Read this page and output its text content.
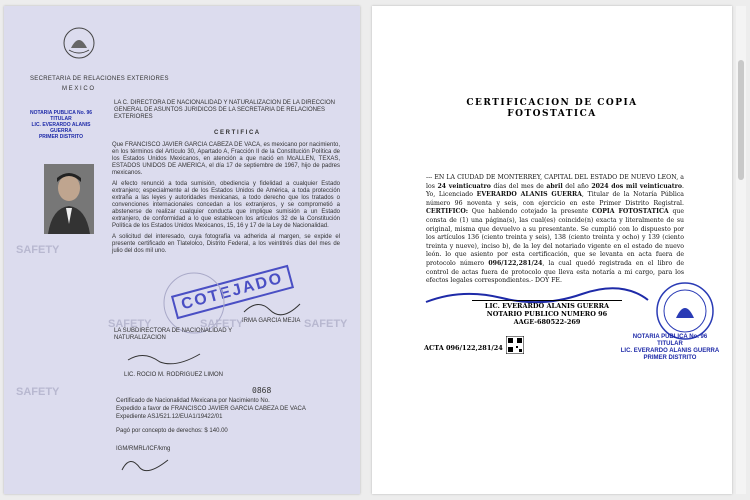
SECRETARIA DE RELACIONES EXTERIORES
M E X I C O
NOTARIA PUBLICA No. 96
TITULAR
LIC. EVERARDO ALANIS GUERRA
PRIMER DISTRITO
LA C. DIRECTORA DE NACIONALIDAD Y NATURALIZACION DE LA DIRECCION GENERAL DE ASUNTOS JURIDICOS DE LA SECRETARIA DE RELACIONES EXTERIORES
C E R T I F I C A

Que FRANCISCO JAVIER GARCIA CABEZA DE VACA, es mexicano por nacimiento, en los términos del Artículo 30, Apartado A, Fracción II de la Constitución Política de los Estados Unidos Mexicanos, en atención a que nació en McALLEN, TEXAS, ESTADOS UNIDOS DE AMERICA, el día 17 de septiembre de 1967, hijo de padres mexicanos.

Al efecto renunció a toda sumisión, obediencia y fidelidad a cualquier Estado extranjero; especialmente al de los Estados Unidos de América, a toda protección extraña a las leyes y autoridades mexicanas, a todo derecho que los tratados o convenciones internacionales concedan a los extranjeros, y se comprometió a abstenerse de realizar cualquier conducta que implique sumisión a un Estado extranjero, de conformidad a lo que establecen los artículos 32 de la Constitución Política de los Estados Unidos Mexicanos, 15, 16 y 17 de la Ley de Nacionalidad.

A solicitud del interesado, cuya fotografía va adherida al margen, se expide el presente certificado en Tlatelolco, Distrito Federal, a los veintitrés días del mes de julio del dos mil uno.

COTEJADO
IRMA GARCIA MEJIA
SAFETY
SAFETY	SAFETY	SAFETY
SAFETY
LA SUBDIRECTORA DE NACIONALIDAD Y NATURALIZACION
LIC. ROCIO M. RODRIGUEZ LIMON
0868
Certificado de Nacionalidad Mexicana por Nacimiento No.
Expedido a favor de FRANCISCO JAVIER GARCIA CABEZA DE VACA
Expediente ASJ/521.12/EUA1/19422/01
Pagó por concepto de derechos: $ 140.00
IGM/RMRL/ICF/kmg
CERTIFICACION DE COPIA
FOTOSTATICA
--- EN LA CIUDAD DE MONTERREY, CAPITAL DEL ESTADO DE NUEVO LEON, a los 24 veinticuatro días del mes de abril del año 2024 dos mil veinticuatro. Yo, Licenciado EVERARDO ALANIS GUERRA, Titular de la Notaría Pública número 96 noventa y seis, con ejercicio en este Primer Distrito Registral. CERTIFICO: Que habiendo cotejado la presente COPIA FOTOSTATICA que consta de (1) una página(s), las cual(es) coincide(n) exacta y literalmente de su original, misma que devuelvo a su presentante. Se cumplió con lo dispuesto por los artículos 136 (ciento treinta y seis), 138 (ciento treinta y ocho) y 139 (ciento treinta y nueve), inciso b), de la ley del notariado vigente en el estado de nuevo león. lo que asiento por esta certificación, que se levanta en acta fuera de protocolo número 096/122,281/24, la cual quedó registrada en el libro de control de actas fuera de protocolo que lleva esta notaría a mi cargo, para los efectos legales correspondientes.- DOY FE.
LIC. EVERARDO ALANIS GUERRA
NOTARIO PUBLICO NUMERO 96
AAGE-680522-269
ACTA 096/122,281/24
NOTARIA PUBLICA No. 96
TITULAR
LIC. EVERARDO ALANIS GUERRA
PRIMER DISTRITO
